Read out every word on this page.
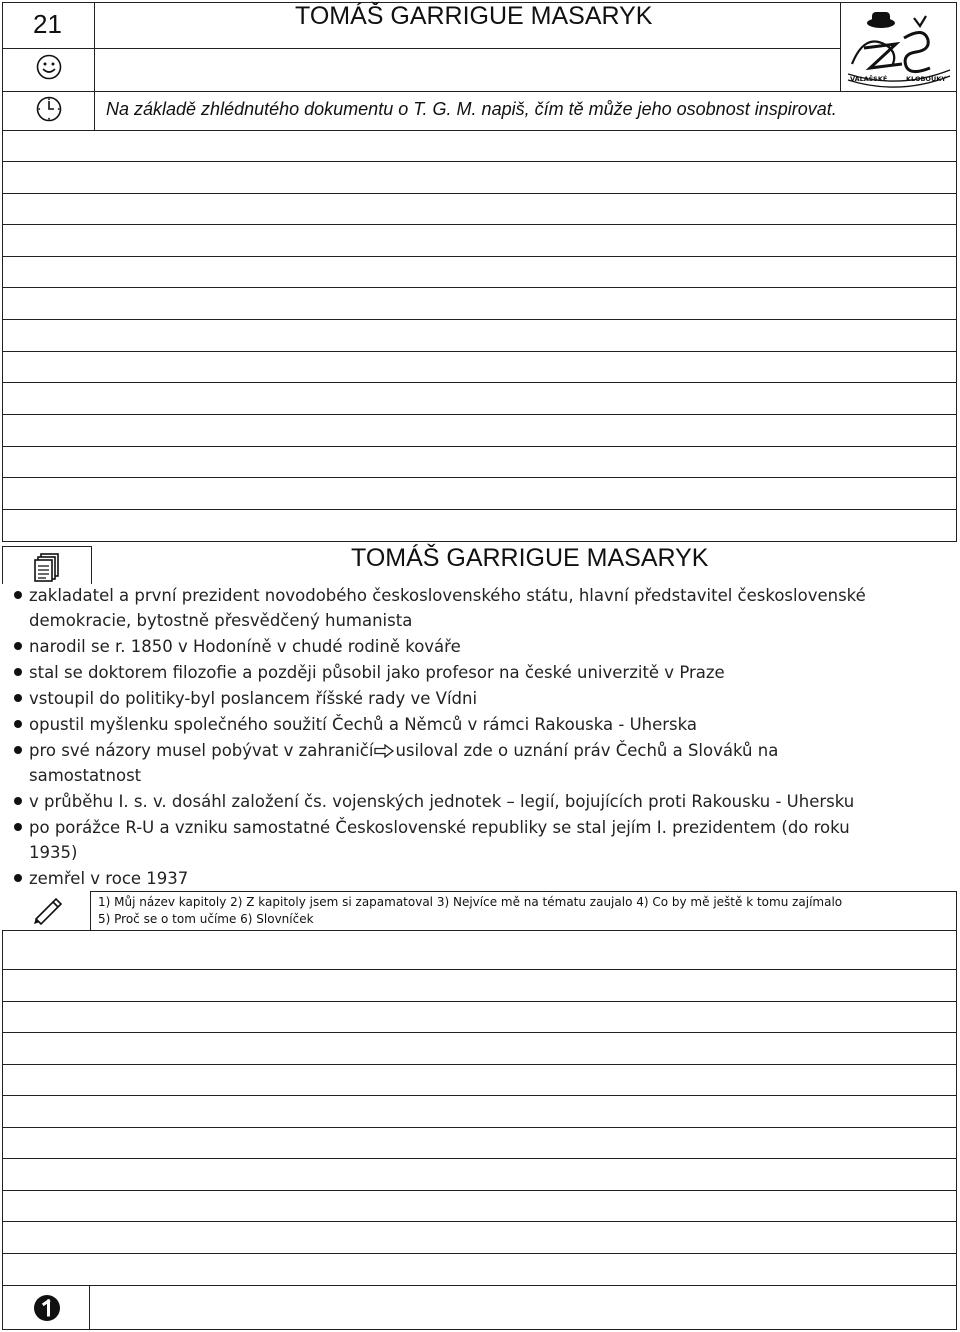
21	TOMÁŠ GARRIGUE MASARYK
Na základě zhlédnutého dokumentu o T. G. M. napiš, čím tě může jeho osobnost inspirovat.
VALAŠSKÉ	KLOBOUKY
TOMÁŠ GARRIGUE MASARYK
zakladatel a první prezident novodobého československého státu, hlavní představitel československé
demokracie, bytostně přesvědčený humanista
narodil se r. 1850 v Hodoníně v chudé rodině kováře
stal se doktorem filozofie a později působil jako profesor na české univerzitě v Praze
vstoupil do politiky-byl poslancem říšské rady ve Vídni
opustil myšlenku společného soužití Čechů a Němců v rámci Rakouska - Uherska
pro své názory musel pobývat v zahraničí usiloval zde o uznání práv Čechů a Slováků na
samostatnost
v průběhu I. s. v. dosáhl založení čs. vojenských jednotek – legií, bojujících proti Rakousku - Uhersku
po porážce R-U a vzniku samostatné Československé republiky se stal jejím I. prezidentem (do roku
1935)
zemřel v roce 1937
1) Můj název kapitoly 2) Z kapitoly jsem si zapamatoval 3) Nejvíce mě na tématu zaujalo 4) Co by mě ještě k tomu zajímalo
5) Proč se o tom učíme 6) Slovníček
